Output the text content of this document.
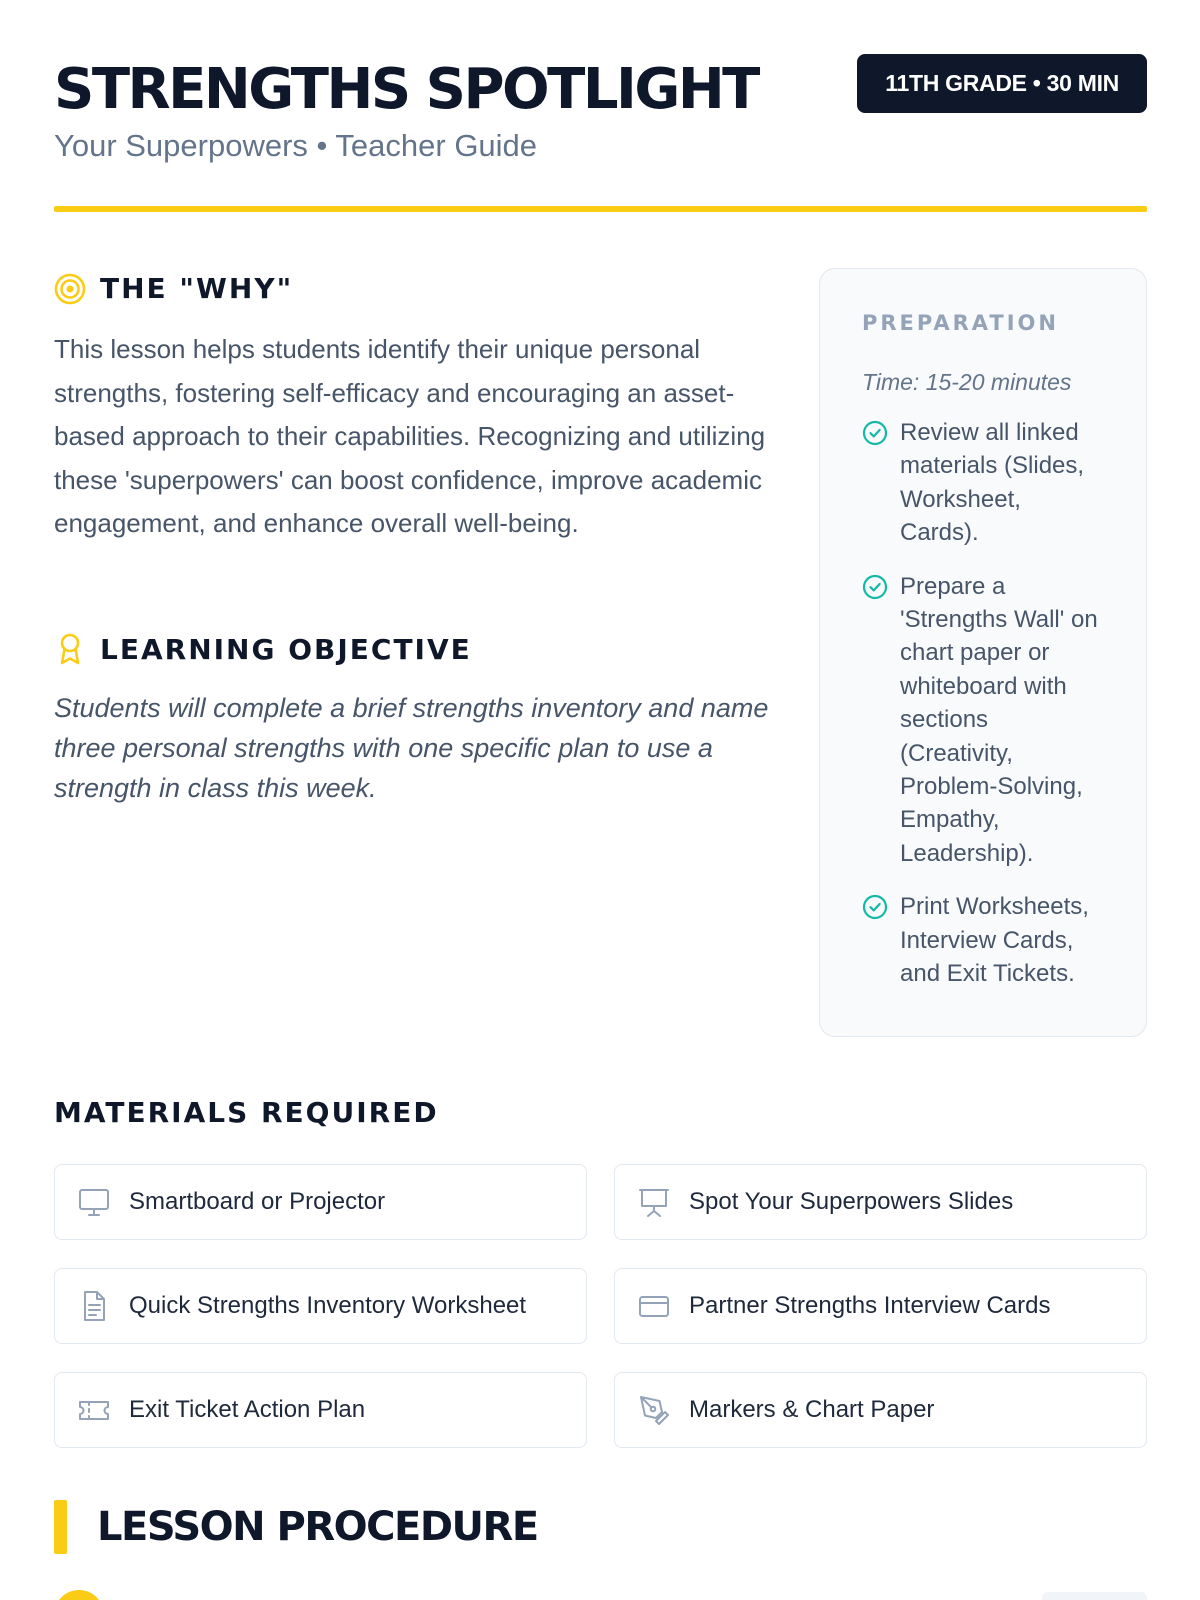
STRENGTHS SPOTLIGHT
Your Superpowers • Teacher Guide
11TH GRADE • 30 MIN
THE "WHY"

This lesson helps students identify their unique personal strengths, fostering self-efficacy and encouraging an asset-based approach to their capabilities. Recognizing and utilizing these 'superpowers' can boost confidence, improve academic engagement, and enhance overall well-being.

LEARNING OBJECTIVE

Students will complete a brief strengths inventory and name three personal strengths with one specific plan to use a strength in class this week.

PREPARATION
Time: 15-20 minutes
Review all linked materials (Slides, Worksheet, Cards).
Prepare a 'Strengths Wall' on chart paper or whiteboard with sections (Creativity, Problem-Solving, Empathy, Leadership).
Print Worksheets, Interview Cards, and Exit Tickets.
MATERIALS REQUIRED
Smartboard or Projector	Spot Your Superpowers Slides
Quick Strengths Inventory Worksheet	Partner Strengths Interview Cards
Exit Ticket Action Plan	Markers & Chart Paper
LESSON PROCEDURE
